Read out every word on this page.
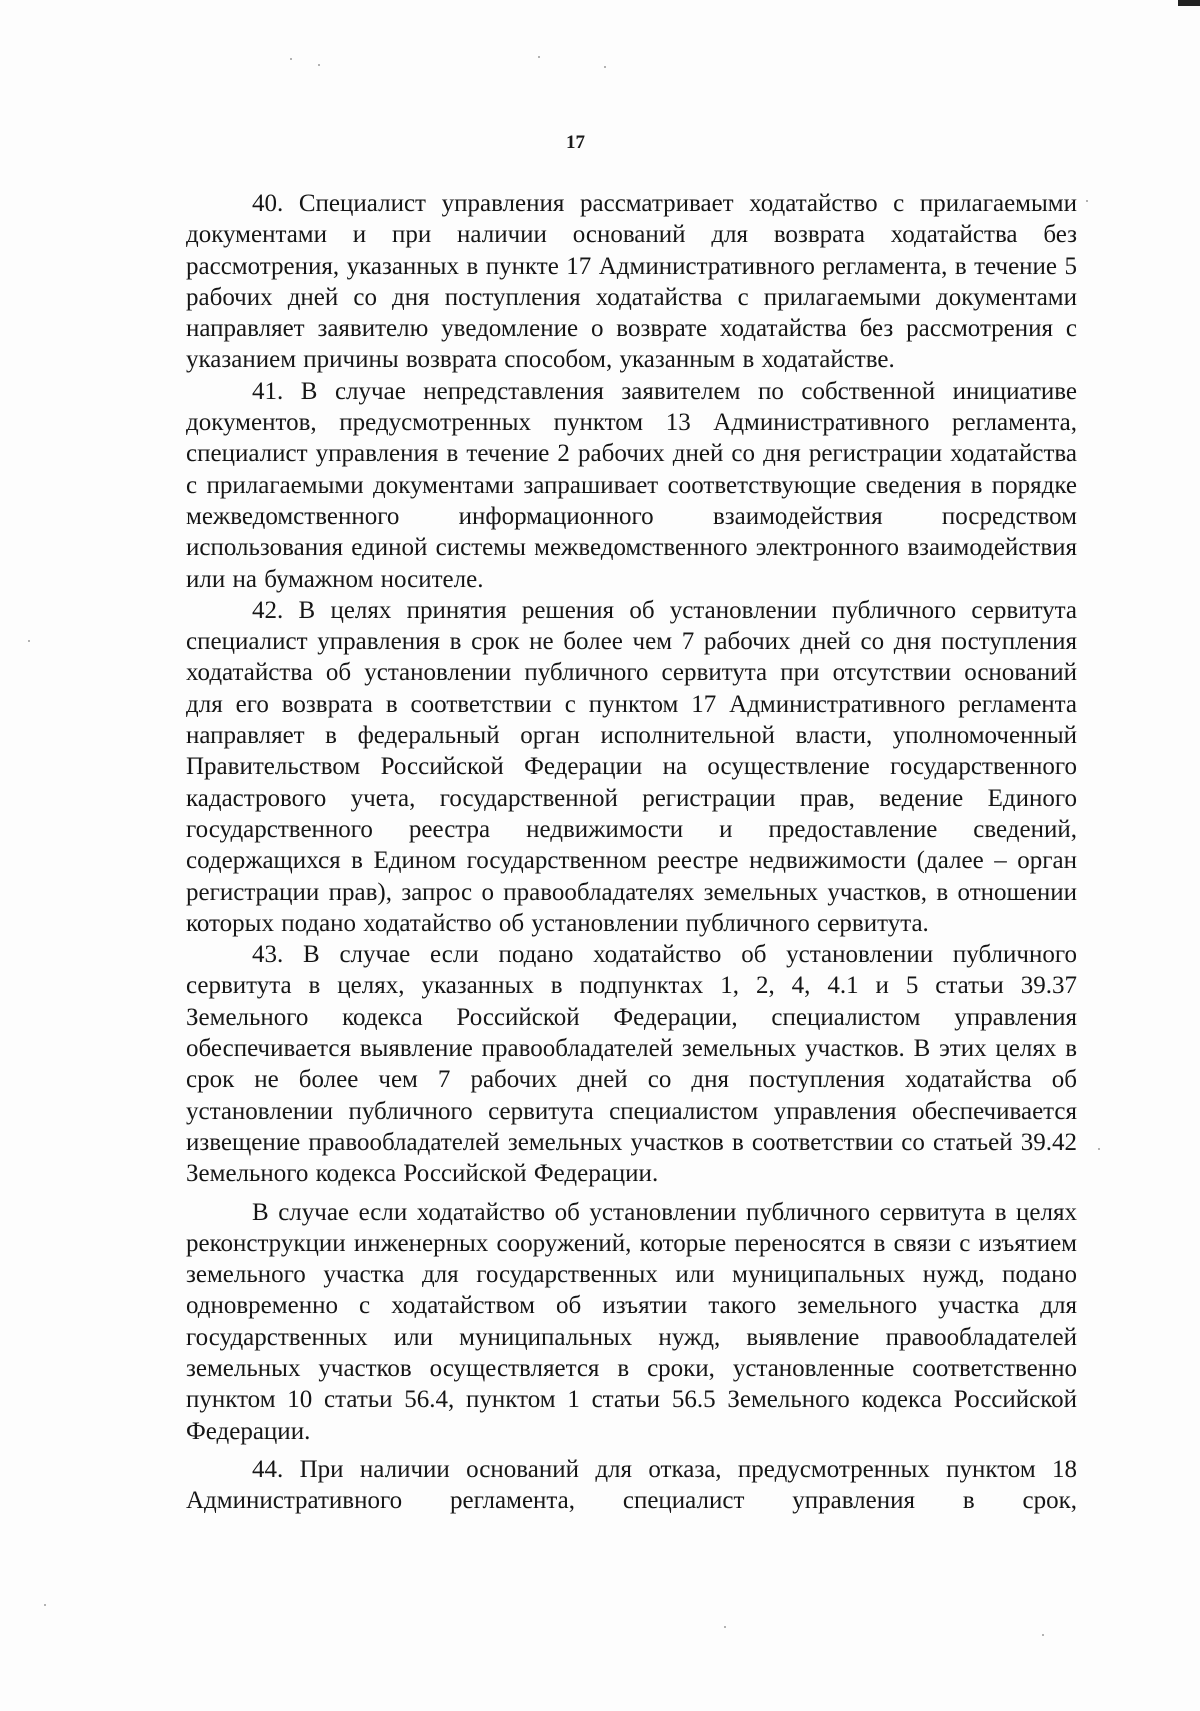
17

40. Специалист управления рассматривает ходатайство с прилагаемыми документами и при наличии оснований для возврата ходатайства без рассмотрения, указанных в пункте 17 Административного регламента, в течение 5 рабочих дней со дня поступления ходатайства с прилагаемыми документами направляет заявителю уведомление о возврате ходатайства без рассмотрения с указанием причины возврата способом, указанным в ходатайстве.

41. В случае непредставления заявителем по собственной инициативе документов, предусмотренных пунктом 13 Административного регламента, специалист управления в течение 2 рабочих дней со дня регистрации ходатайства с прилагаемыми документами запрашивает соответствующие сведения в порядке межведомственного информационного взаимодействия посредством использования единой системы межведомственного электронного взаимодействия или на бумажном носителе.

42. В целях принятия решения об установлении публичного сервитута специалист управления в срок не более чем 7 рабочих дней со дня поступления ходатайства об установлении публичного сервитута при отсутствии оснований для его возврата в соответствии с пунктом 17 Административного регламента направляет в федеральный орган исполнительной власти, уполномоченный Правительством Российской Федерации на осуществление государственного кадастрового учета, государственной регистрации прав, ведение Единого государственного реестра недвижимости и предоставление сведений, содержащихся в Едином государственном реестре недвижимости (далее – орган регистрации прав), запрос о правообладателях земельных участков, в отношении которых подано ходатайство об установлении публичного сервитута.

43. В случае если подано ходатайство об установлении публичного сервитута в целях, указанных в подпунктах 1, 2, 4, 4.1 и 5 статьи 39.37 Земельного кодекса Российской Федерации, специалистом управления обеспечивается выявление правообладателей земельных участков. В этих целях в срок не более чем 7 рабочих дней со дня поступления ходатайства об установлении публичного сервитута специалистом управления обеспечивается извещение правообладателей земельных участков в соответствии со статьей 39.42 Земельного кодекса Российской Федерации.

В случае если ходатайство об установлении публичного сервитута в целях реконструкции инженерных сооружений, которые переносятся в связи с изъятием земельного участка для государственных или муниципальных нужд, подано одновременно с ходатайством об изъятии такого земельного участка для государственных или муниципальных нужд, выявление правообладателей земельных участков осуществляется в сроки, установленные соответственно пунктом 10 статьи 56.4, пунктом 1 статьи 56.5 Земельного кодекса Российской Федерации.

44. При наличии оснований для отказа, предусмотренных пунктом 18 Административного регламента, специалист управления в срок,
